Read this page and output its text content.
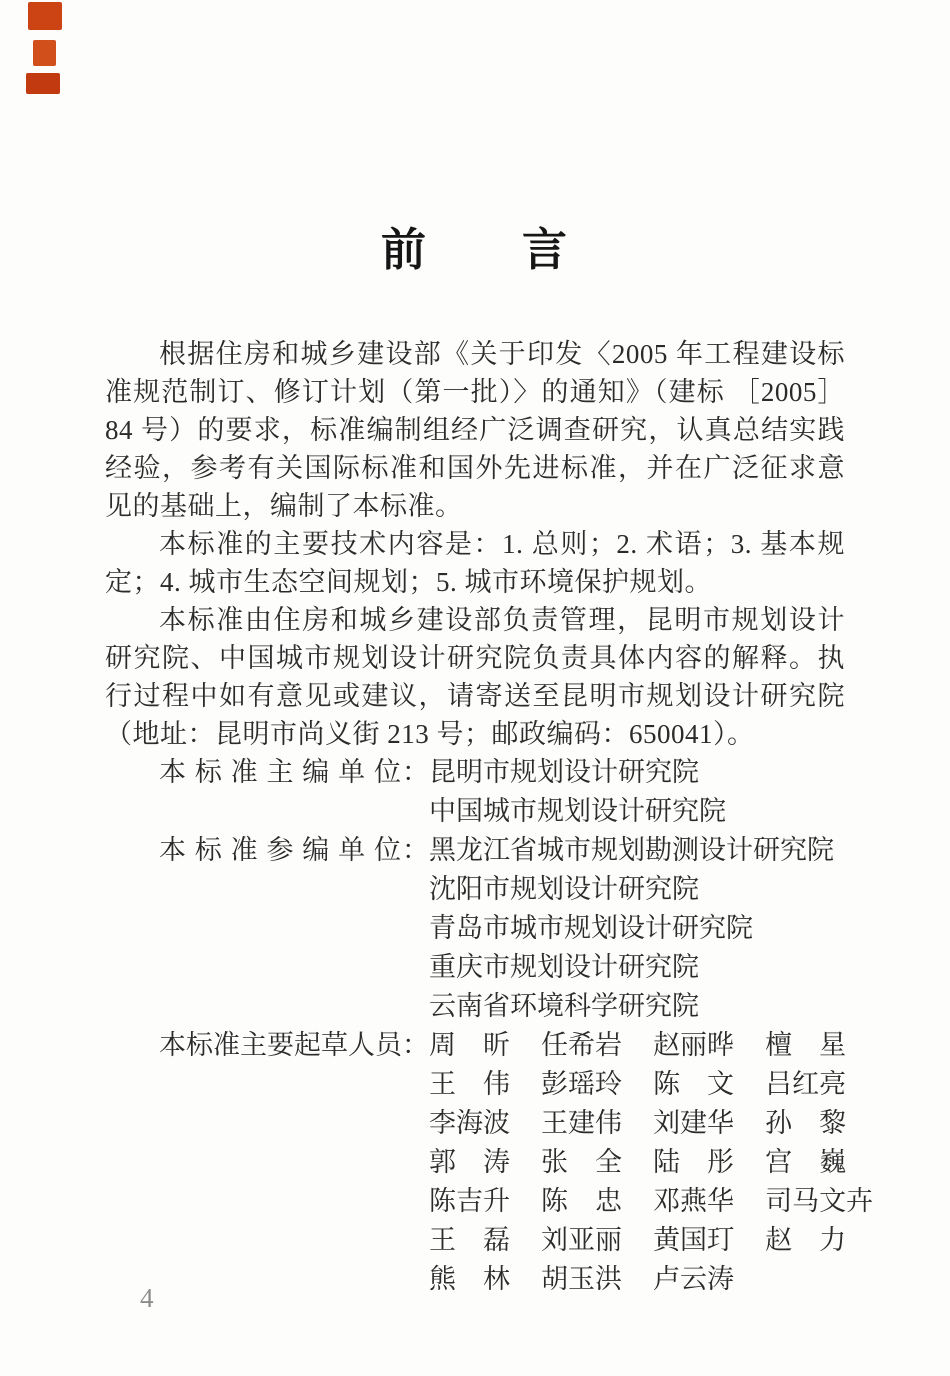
前　　言

根据住房和城乡建设部《关于印发〈2005 年工程建设标准规范制订、修订计划（第一批）〉的通知》（建标 ［2005］ 84 号）的要求，标准编制组经广泛调查研究，认真总结实践经验，参考有关国际标准和国外先进标准，并在广泛征求意见的基础上，编制了本标准。

本标准的主要技术内容是：1. 总则；2. 术语；3. 基本规定；4. 城市生态空间规划；5. 城市环境保护规划。

本标准由住房和城乡建设部负责管理，昆明市规划设计研究院、中国城市规划设计研究院负责具体内容的解释。执行过程中如有意见或建议，请寄送至昆明市规划设计研究院（地址：昆明市尚义街 213 号；邮政编码：650041）。

本 标 准 主 编 单 位： 昆明市规划设计研究院
中国城市规划设计研究院
本 标 准 参 编 单 位： 黑龙江省城市规划勘测设计研究院
沈阳市规划设计研究院
青岛市城市规划设计研究院
重庆市规划设计研究院
云南省环境科学研究院
本标准主要起草人员： 周　昕 任希岩 赵丽晔 檀　星
王　伟 彭瑶玲 陈　文 吕红亮
李海波 王建伟 刘建华 孙　黎
郭　涛 张　全 陆　彤 宫　巍
陈吉升 陈　忠 邓燕华 司马文卉
王　磊 刘亚丽 黄国玎 赵　力
熊　林 胡玉洪 卢云涛
4
